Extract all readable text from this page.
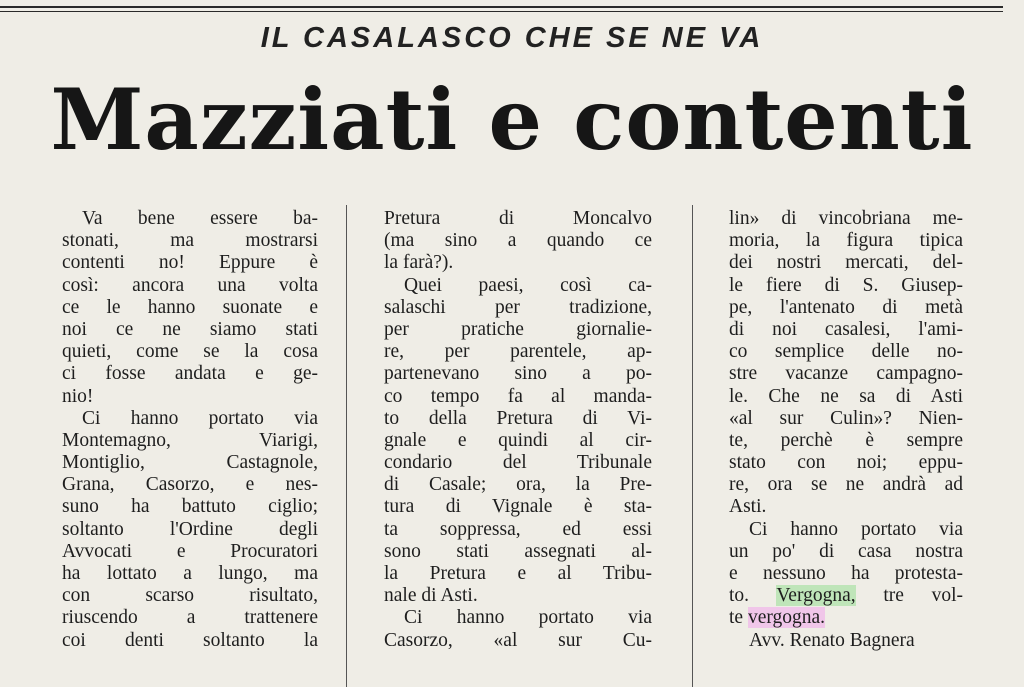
IL CASALASCO CHE SE NE VA
Mazziati e contenti
Va bene essere ba-
stonati, ma mostrarsi
contenti no! Eppure è
così: ancora una volta
ce le hanno suonate e
noi ce ne siamo stati
quieti, come se la cosa
ci fosse andata e ge-
nio!
Ci hanno portato via
Montemagno, Viarigi,
Montiglio, Castagnole,
Grana, Casorzo, e nes-
suno ha battuto ciglio;
soltanto l'Ordine degli
Avvocati e Procuratori
ha lottato a lungo, ma
con scarso risultato,
riuscendo a trattenere
coi denti soltanto la
Pretura di Moncalvo
(ma sino a quando ce
la farà?).
Quei paesi, così ca-
salaschi per tradizione,
per pratiche giornalie-
re, per parentele, ap-
partenevano sino a po-
co tempo fa al manda-
to della Pretura di Vi-
gnale e quindi al cir-
condario del Tribunale
di Casale; ora, la Pre-
tura di Vignale è sta-
ta soppressa, ed essi
sono stati assegnati al-
la Pretura e al Tribu-
nale di Asti.
Ci hanno portato via
Casorzo, «al sur Cu-
lin» di vincobriana me-
moria, la figura tipica
dei nostri mercati, del-
le fiere di S. Giusep-
pe, l'antenato di metà
di noi casalesi, l'ami-
co semplice delle no-
stre vacanze campagno-
le. Che ne sa di Asti
«al sur Culin»? Nien-
te, perchè è sempre
stato con noi; eppu-
re, ora se ne andrà ad
Asti.
Ci hanno portato via
un po' di casa nostra
e nessuno ha protesta-
to. Vergogna, tre vol-
te vergogna.
Avv. Renato Bagnera
